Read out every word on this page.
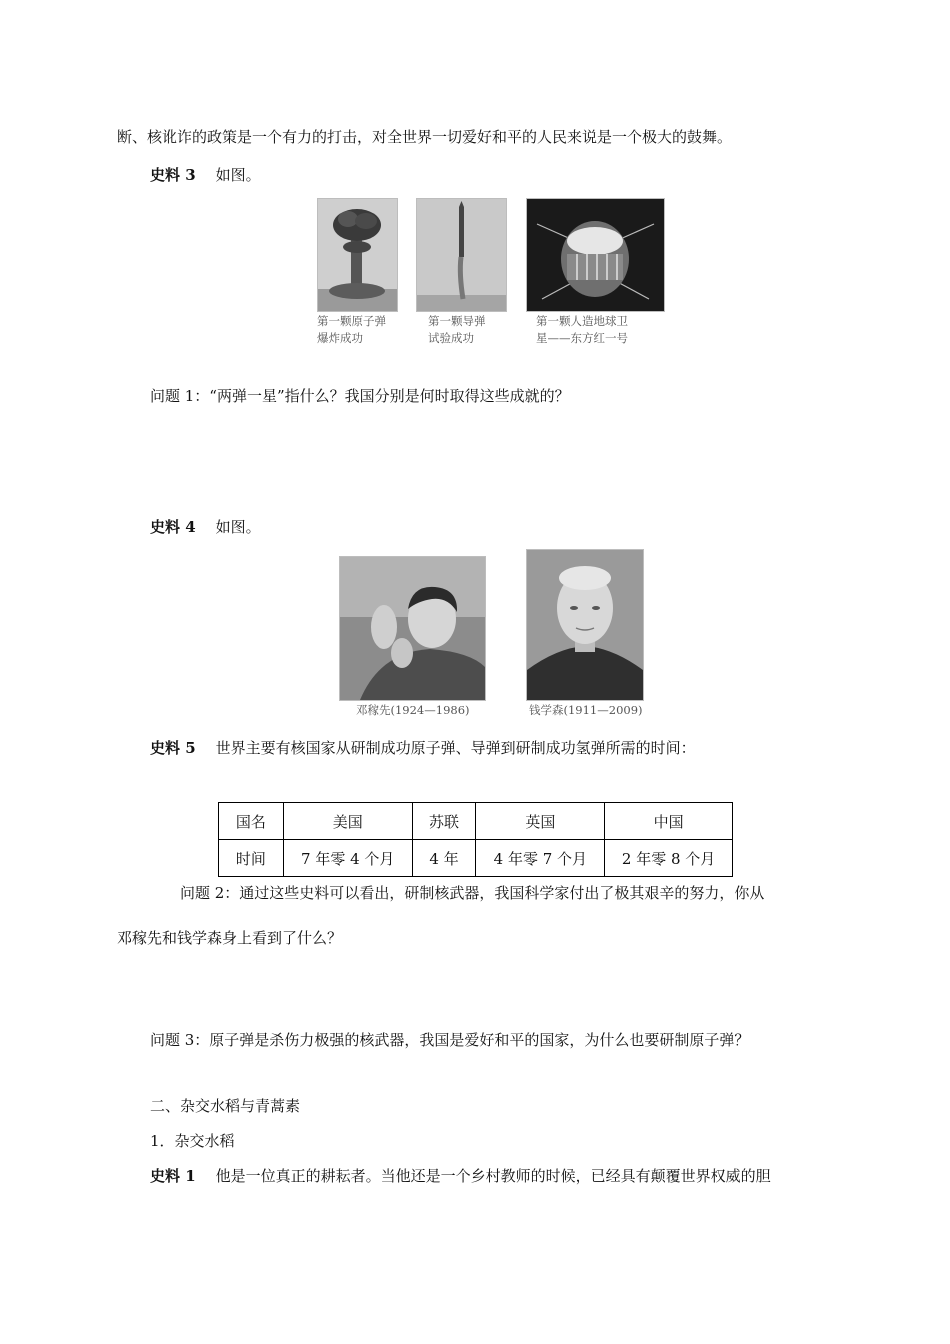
断、核讹诈的政策是一个有力的打击，对全世界一切爱好和平的人民来说是一个极大的鼓舞。
史料 3 如图。
第一颗原子弹
爆炸成功
第一颗导弹
试验成功
第一颗人造地球卫
星——东方红一号
问题 1：“两弹一星”指什么？我国分别是何时取得这些成就的？
史料 4 如图。
邓稼先(1924—1986)	钱学森(1911—2009)
史料 5 世界主要有核国家从研制成功原子弹、导弹到研制成功氢弹所需的时间：
国名	美国	苏联	英国	中国
时间	7 年零 4 个月	4 年	4 年零 7 个月	2 年零 8 个月
问题 2：通过这些史料可以看出，研制核武器，我国科学家付出了极其艰辛的努力，你从
邓稼先和钱学森身上看到了什么？
问题 3：原子弹是杀伤力极强的核武器，我国是爱好和平的国家，为什么也要研制原子弹？
二、杂交水稻与青蒿素
1．杂交水稻
史料 1 他是一位真正的耕耘者。当他还是一个乡村教师的时候，已经具有颠覆世界权威的胆
